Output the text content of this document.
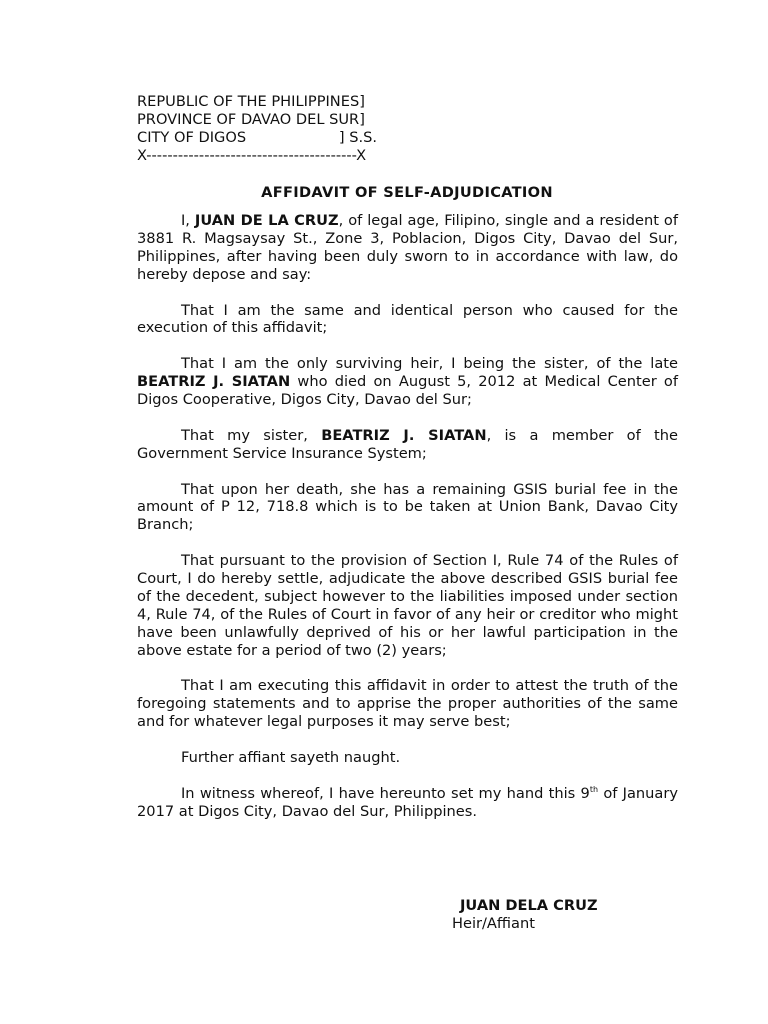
REPUBLIC OF THE PHILIPPINES]
PROVINCE OF DAVAO DEL SUR]
CITY OF DIGOS                    ] S.S.
X----------------------------------------X
AFFIDAVIT OF SELF-ADJUDICATION

I, JUAN DE LA CRUZ, of legal age, Filipino, single and a resident of 3881 R. Magsaysay St., Zone 3, Poblacion, Digos City, Davao del Sur, Philippines, after having been duly sworn to in accordance with law, do hereby depose and say:

That I am the same and identical person who caused for the execution of this affidavit;

That I am the only surviving heir, I being the sister, of the late BEATRIZ J. SIATAN who died on August 5, 2012 at Medical Center of Digos Cooperative, Digos City, Davao del Sur;

That my sister, BEATRIZ J. SIATAN, is a member of the Government Service Insurance System;

That upon her death, she has a remaining GSIS burial fee in the amount of P 12, 718.8 which is to be taken at Union Bank, Davao City Branch;

That pursuant to the provision of Section I, Rule 74 of the Rules of Court, I do hereby settle, adjudicate the above described GSIS burial fee of the decedent, subject however to the liabilities imposed under section 4, Rule 74, of the Rules of Court in favor of any heir or creditor who might have been unlawfully deprived of his or her lawful participation in the above estate for a period of two (2) years;

That I am executing this affidavit in order to attest the truth of the foregoing statements and to apprise the proper authorities of the same and for whatever legal purposes it may serve best;

Further affiant sayeth naught.

In witness whereof, I have hereunto set my hand this 9th of January 2017 at Digos City, Davao del Sur, Philippines.

JUAN DELA CRUZ
Heir/Affiant
